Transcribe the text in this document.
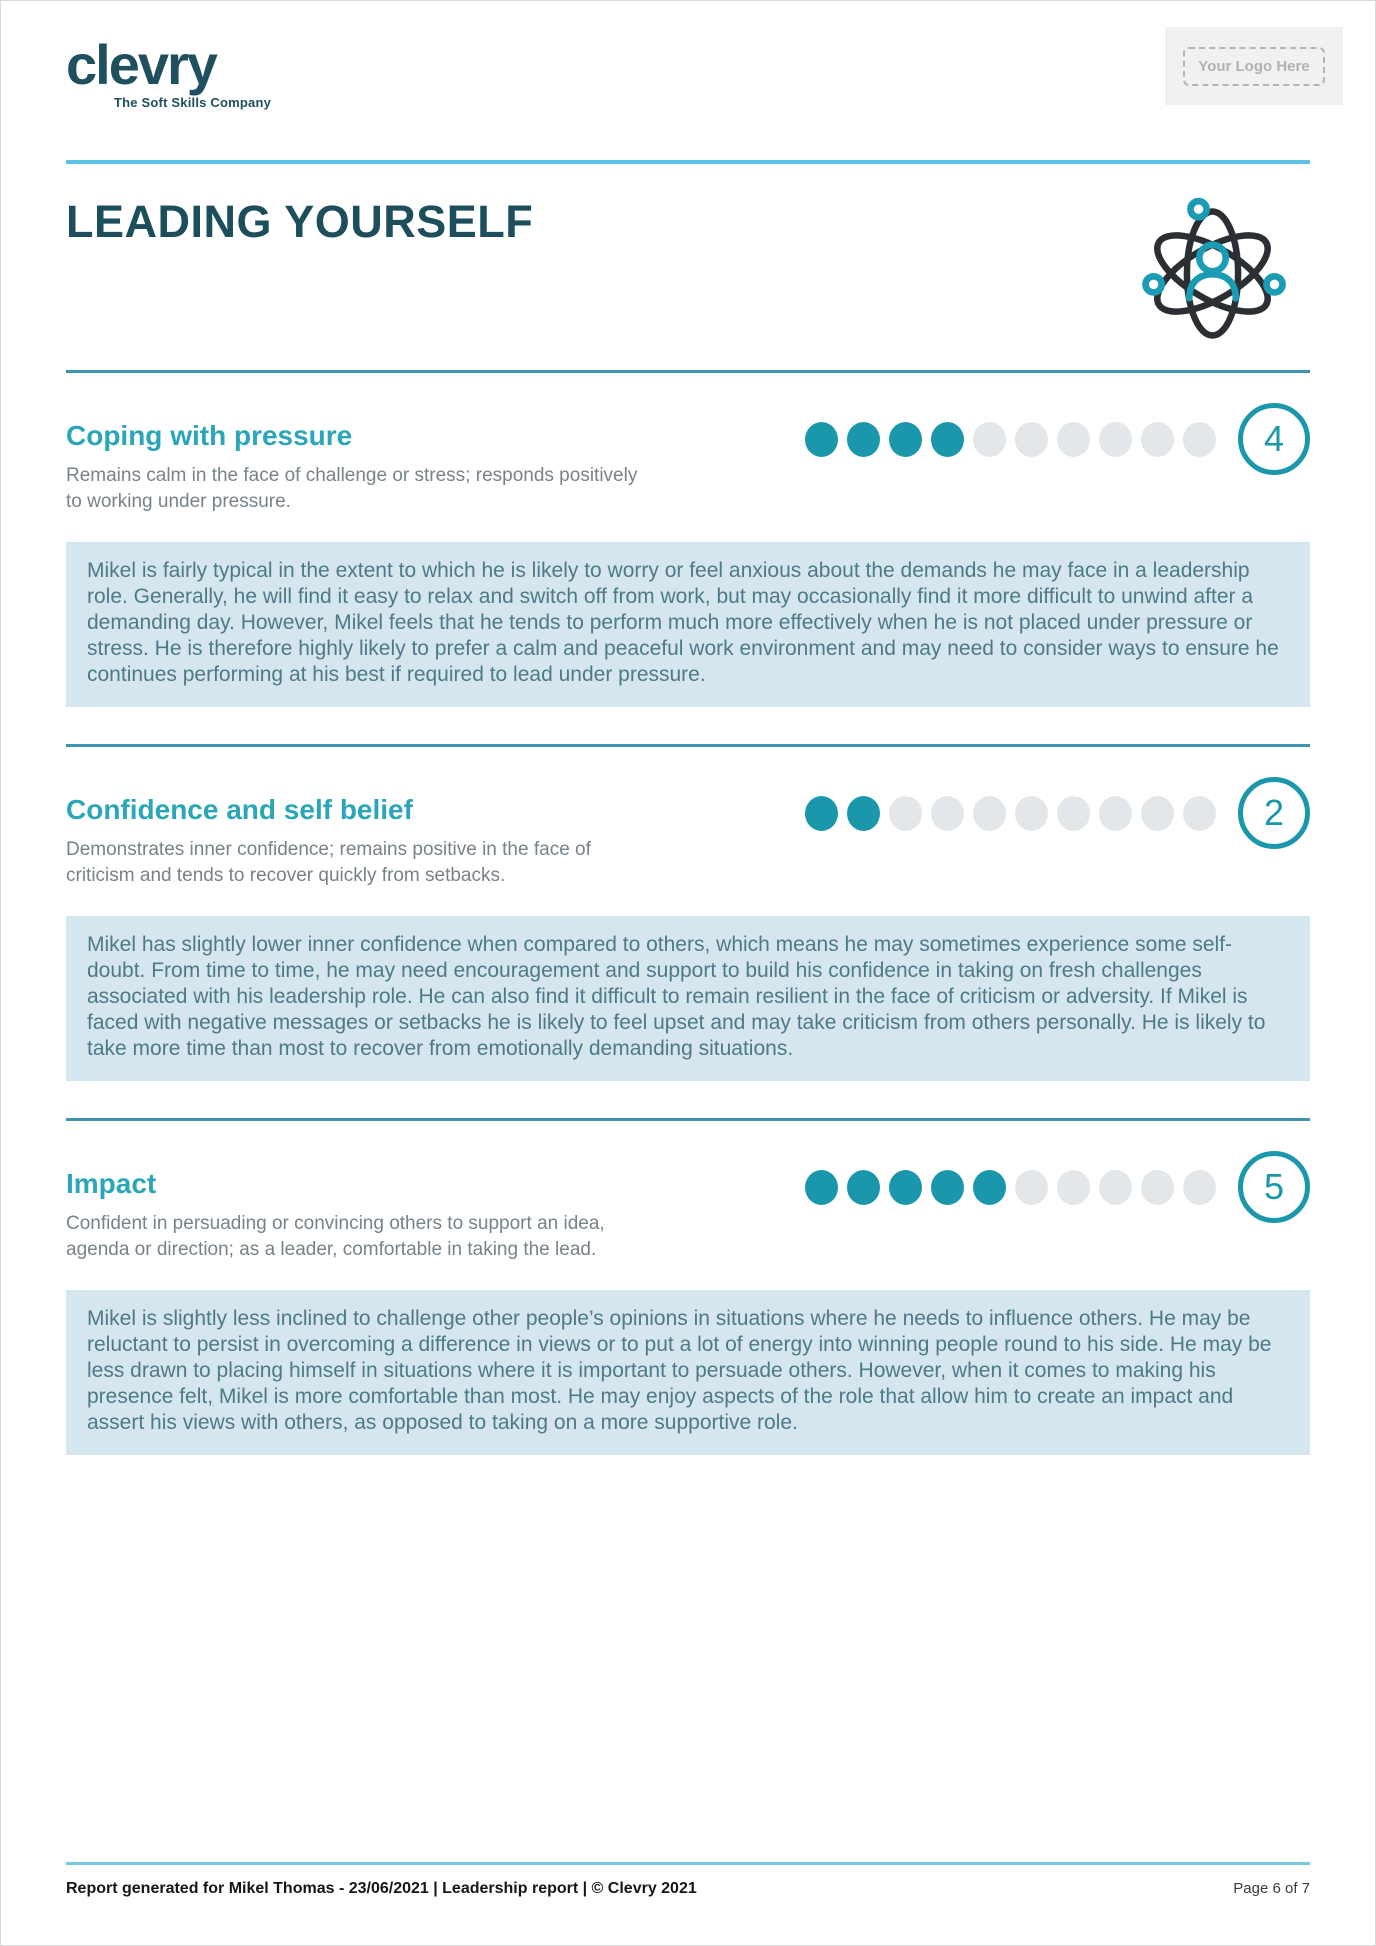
clevry
The Soft Skills Company
Your Logo Here
LEADING YOURSELF
Coping with pressure

Remains calm in the face of challenge or stress; responds positively to working under pressure.

4

Mikel is fairly typical in the extent to which he is likely to worry or feel anxious about the demands he may face in a leadership role. Generally, he will find it easy to relax and switch off from work, but may occasionally find it more difficult to unwind after a demanding day. However, Mikel feels that he tends to perform much more effectively when he is not placed under pressure or stress. He is therefore highly likely to prefer a calm and peaceful work environment and may need to consider ways to ensure he continues performing at his best if required to lead under pressure.

Confidence and self belief

Demonstrates inner confidence; remains positive in the face of criticism and tends to recover quickly from setbacks.

2

Mikel has slightly lower inner confidence when compared to others, which means he may sometimes experience some self-doubt. From time to time, he may need encouragement and support to build his confidence in taking on fresh challenges associated with his leadership role. He can also find it difficult to remain resilient in the face of criticism or adversity. If Mikel is faced with negative messages or setbacks he is likely to feel upset and may take criticism from others personally. He is likely to take more time than most to recover from emotionally demanding situations.

Impact

Confident in persuading or convincing others to support an idea, agenda or direction; as a leader, comfortable in taking the lead.

5

Mikel is slightly less inclined to challenge other people’s opinions in situations where he needs to influence others. He may be reluctant to persist in overcoming a difference in views or to put a lot of energy into winning people round to his side. He may be less drawn to placing himself in situations where it is important to persuade others. However, when it comes to making his presence felt, Mikel is more comfortable than most. He may enjoy aspects of the role that allow him to create an impact and assert his views with others, as opposed to taking on a more supportive role.

Report generated for Mikel Thomas - 23/06/2021 | Leadership report | © Clevry 2021	Page 6 of 7
